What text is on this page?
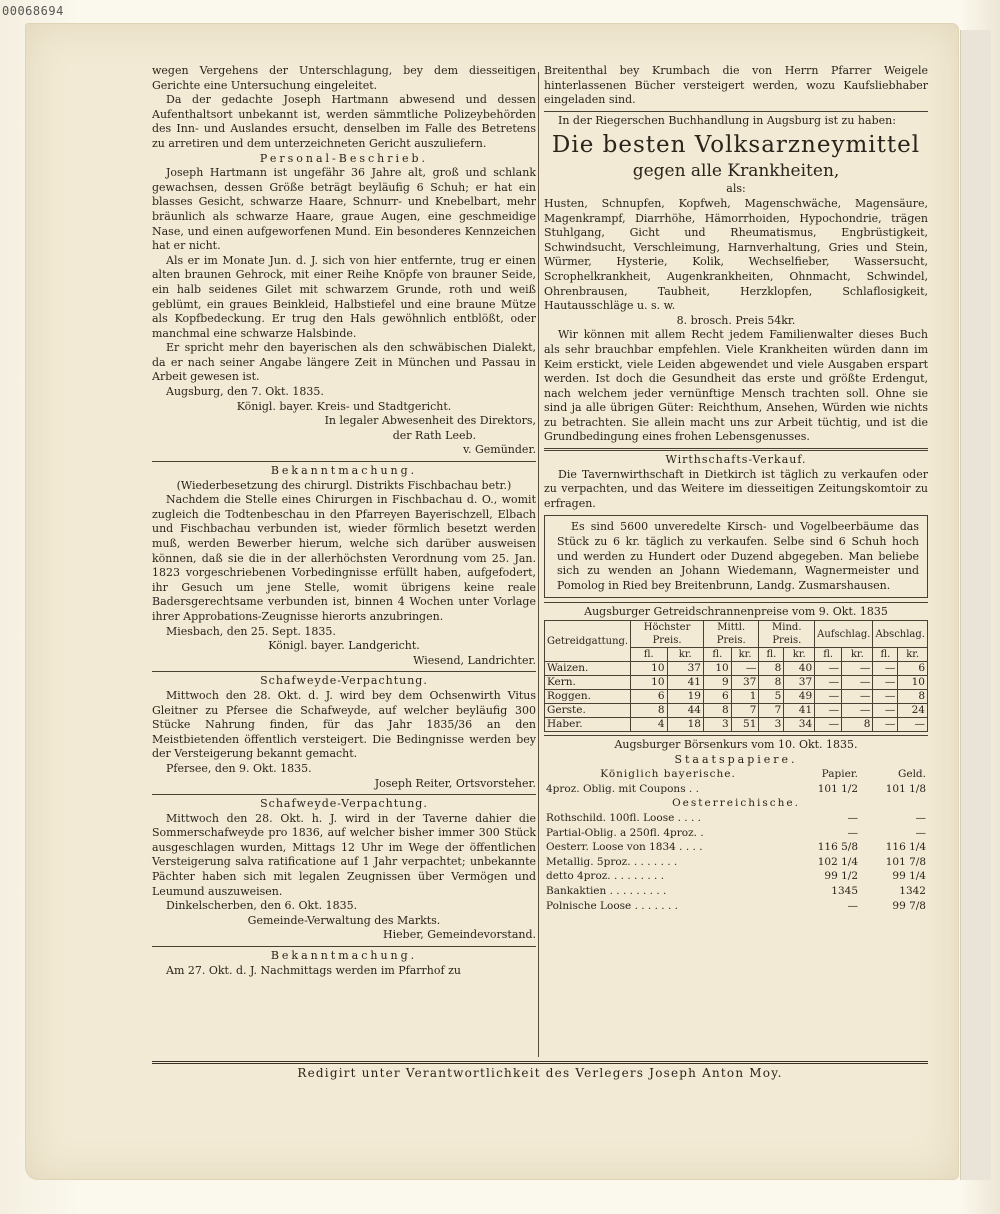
00068694

wegen Vergehens der Unterschlagung, bey dem diesseitigen Gerichte eine Untersuchung eingeleitet.

Da der gedachte Joseph Hartmann abwesend und dessen Aufenthaltsort unbekannt ist, werden sämmtliche Polizeybehörden des Inn- und Auslandes ersucht, denselben im Falle des Betretens zu arretiren und dem unterzeichneten Gericht auszuliefern.

Personal-Beschrieb.

Joseph Hartmann ist ungefähr 36 Jahre alt, groß und schlank gewachsen, dessen Größe beträgt beyläufig 6 Schuh; er hat ein blasses Gesicht, schwarze Haare, Schnurr- und Knebelbart, mehr bräunlich als schwarze Haare, graue Augen, eine geschmeidige Nase, und einen aufgeworfenen Mund. Ein besonderes Kennzeichen hat er nicht.

Als er im Monate Jun. d. J. sich von hier entfernte, trug er einen alten braunen Gehrock, mit einer Reihe Knöpfe von brauner Seide, ein halb seidenes Gilet mit schwarzem Grunde, roth und weiß geblümt, ein graues Beinkleid, Halbstiefel und eine braune Mütze als Kopfbedeckung. Er trug den Hals gewöhnlich entblößt, oder manchmal eine schwarze Halsbinde.

Er spricht mehr den bayerischen als den schwäbischen Dialekt, da er nach seiner Angabe längere Zeit in München und Passau in Arbeit gewesen ist.

Augsburg, den 7. Okt. 1835.

Königl. bayer. Kreis- und Stadtgericht.

In legaler Abwesenheit des Direktors,

der Rath Leeb.

v. Gemünder.

Bekanntmachung.

(Wiederbesetzung des chirurgl. Distrikts Fischbachau betr.)

Nachdem die Stelle eines Chirurgen in Fischbachau d. O., womit zugleich die Todtenbeschau in den Pfarreyen Bayerischzell, Elbach und Fischbachau verbunden ist, wieder förmlich besetzt werden muß, werden Bewerber hierum, welche sich darüber ausweisen können, daß sie die in der allerhöchsten Verordnung vom 25. Jan. 1823 vorgeschriebenen Vorbedingnisse erfüllt haben, aufgefodert, ihr Gesuch um jene Stelle, womit übrigens keine reale Badersgerechtsame verbunden ist, binnen 4 Wochen unter Vorlage ihrer Approbations-Zeugnisse hierorts anzubringen.

Miesbach, den 25. Sept. 1835.

Königl. bayer. Landgericht.

Wiesend, Landrichter.

Schafweyde-Verpachtung.

Mittwoch den 28. Okt. d. J. wird bey dem Ochsenwirth Vitus Gleitner zu Pfersee die Schafweyde, auf welcher beyläufig 300 Stücke Nahrung finden, für das Jahr 1835/36 an den Meistbietenden öffentlich versteigert. Die Bedingnisse werden bey der Versteigerung bekannt gemacht.

Pfersee, den 9. Okt. 1835.

Joseph Reiter, Ortsvorsteher.

Schafweyde-Verpachtung.

Mittwoch den 28. Okt. h. J. wird in der Taverne dahier die Sommerschafweyde pro 1836, auf welcher bisher immer 300 Stück ausgeschlagen wurden, Mittags 12 Uhr im Wege der öffentlichen Versteigerung salva ratificatione auf 1 Jahr verpachtet; unbekannte Pächter haben sich mit legalen Zeugnissen über Vermögen und Leumund auszuweisen.

Dinkelscherben, den 6. Okt. 1835.

Gemeinde-Verwaltung des Markts.

Hieber, Gemeindevorstand.

Bekanntmachung.

Am 27. Okt. d. J. Nachmittags werden im Pfarrhof zu

Breitenthal bey Krumbach die von Herrn Pfarrer Weigele hinterlassenen Bücher versteigert werden, wozu Kaufsliebhaber eingeladen sind.

In der Riegerschen Buchhandlung in Augsburg ist zu haben:

Die besten Volksarzneymittel

gegen alle Krankheiten,

als:

Husten, Schnupfen, Kopfweh, Magenschwäche, Magensäure, Magenkrampf, Diarrhöhe, Hämorrhoiden, Hypochondrie, trägen Stuhlgang, Gicht und Rheumatismus, Engbrüstigkeit, Schwindsucht, Verschleimung, Harnverhaltung, Gries und Stein, Würmer, Hysterie, Kolik, Wechselfieber, Wassersucht, Scrophelkrankheit, Augenkrankheiten, Ohnmacht, Schwindel, Ohrenbrausen, Taubheit, Herzklopfen, Schlaflosigkeit, Hautausschläge u. s. w.

8. brosch. Preis 54kr.

Wir können mit allem Recht jedem Familienwalter dieses Buch als sehr brauchbar empfehlen. Viele Krankheiten würden dann im Keim erstickt, viele Leiden abgewendet und viele Ausgaben erspart werden. Ist doch die Gesundheit das erste und größte Erdengut, nach welchem jeder vernünftige Mensch trachten soll. Ohne sie sind ja alle übrigen Güter: Reichthum, Ansehen, Würden wie nichts zu betrachten. Sie allein macht uns zur Arbeit tüchtig, und ist die Grundbedingung eines frohen Lebensgenusses.

Wirthschafts-Verkauf.

Die Tavernwirthschaft in Dietkirch ist täglich zu verkaufen oder zu verpachten, und das Weitere im diesseitigen Zeitungskomtoir zu erfragen.

Es sind 5600 unveredelte Kirsch- und Vogelbeerbäume das Stück zu 6 kr. täglich zu verkaufen. Selbe sind 6 Schuh hoch und werden zu Hundert oder Duzend abgegeben. Man beliebe sich zu wenden an Johann Wiedemann, Wagnermeister und Pomolog in Ried bey Breitenbrunn, Landg. Zusmarshausen.

Augsburger Getreidschrannenpreise vom 9. Okt. 1835

Getreidgattung.	Höchster Preis.		Mittl. Preis.		Mind. Preis.		Aufschlag.		Abschlag.	
	fl.	kr.	fl.	kr.	fl.	kr.	fl.	kr.	fl.	kr.
Waizen.	10	37	10	—	8	40	—	—	—	6
Kern.	10	41	9	37	8	37	—	—	—	10
Roggen.	6	19	6	1	5	49	—	—	—	8
Gerste.	8	44	8	7	7	41	—	—	—	24
Haber.	4	18	3	51	3	34	—	8	—	—

Augsburger Börsenkurs vom 10. Okt. 1835.

Staatspapiere.

Königlich bayerische.	Papier.	Geld.
4proz. Oblig. mit Coupons . .	101 1/2	101 1/8
Oesterreichische.		
Rothschild. 100fl. Loose . . . .	—	—
Partial-Oblig. a 250fl. 4proz. .	—	—
Oesterr. Loose von 1834 . . . .	116 5/8	116 1/4
Metallig. 5proz. . . . . . . .	102 1/4	101 7/8
detto 4proz. . . . . . . . .	99 1/2	99 1/4
Bankaktien . . . . . . . . .	1345	1342
Polnische Loose . . . . . . .	—	99 7/8
Redigirt unter Verantwortlichkeit des Verlegers Joseph Anton Moy.
